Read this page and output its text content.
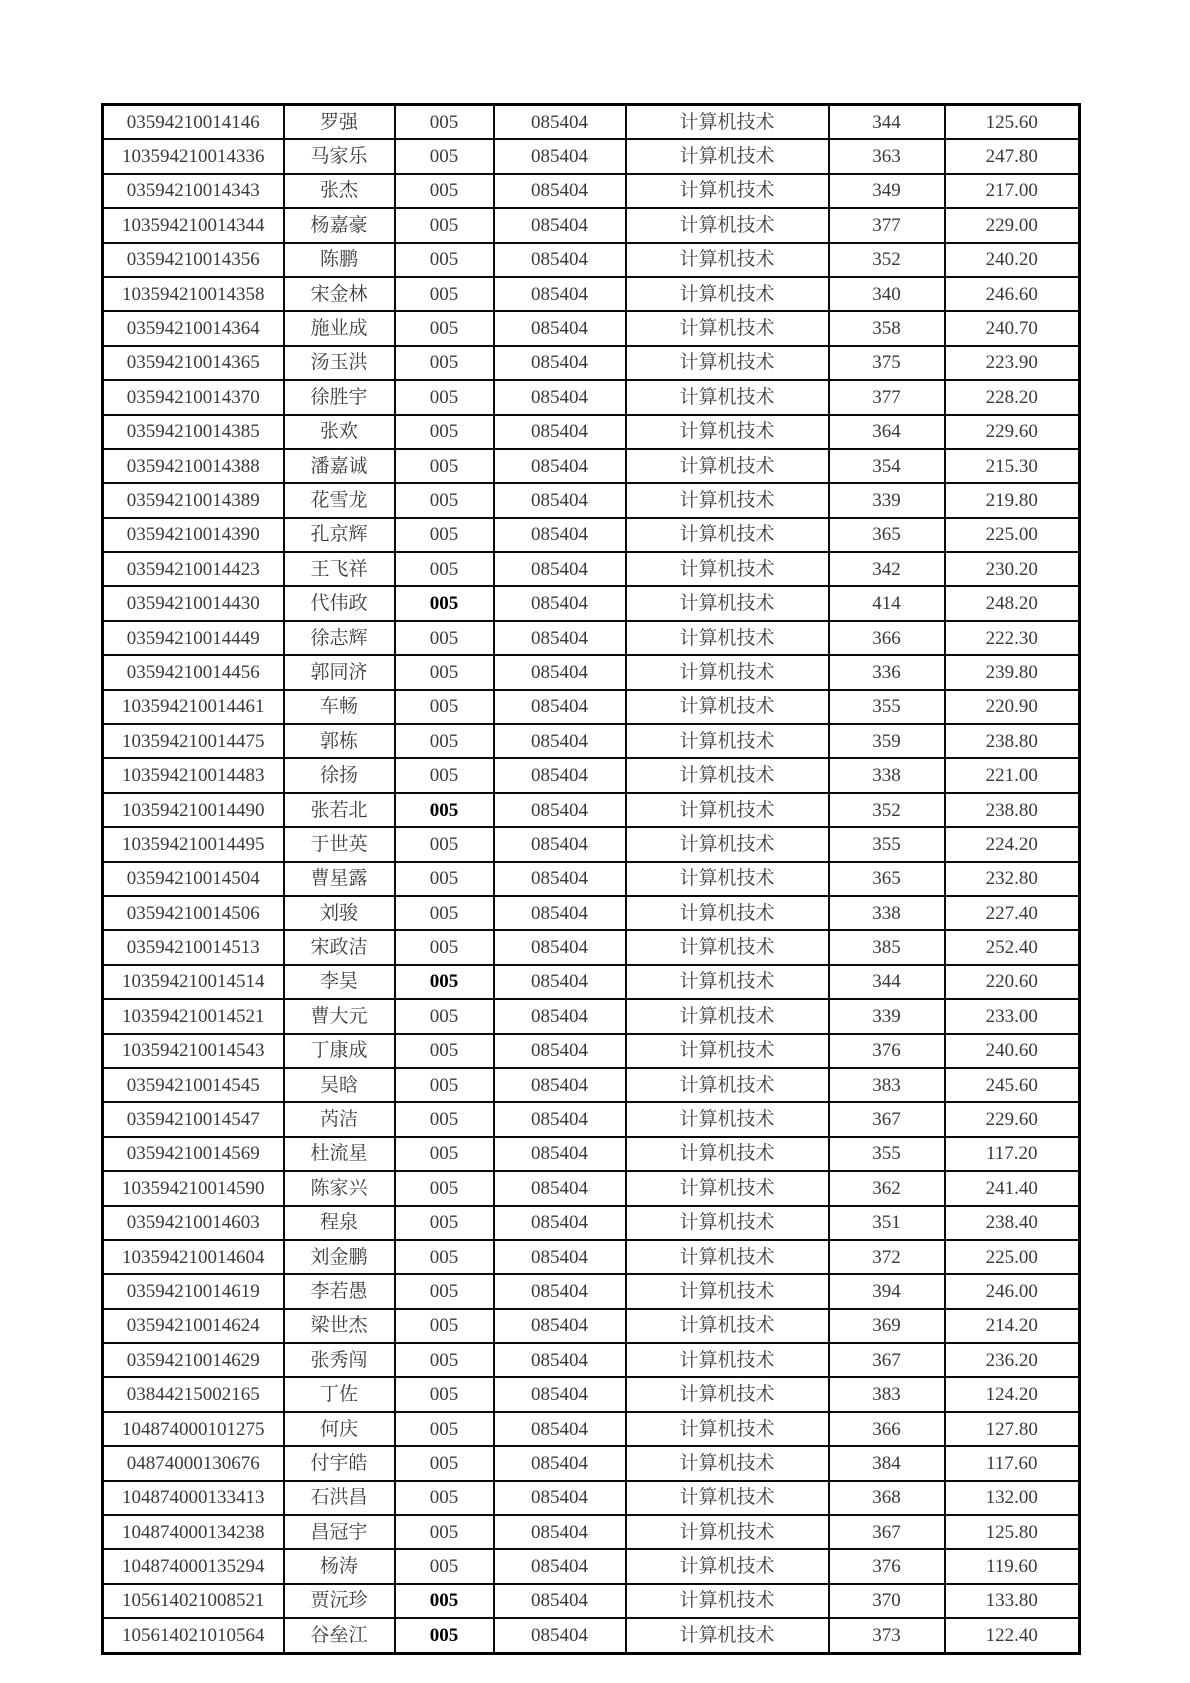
03594210014146	罗强	005	085404	计算机技术	344	125.60
103594210014336	马家乐	005	085404	计算机技术	363	247.80
03594210014343	张杰	005	085404	计算机技术	349	217.00
103594210014344	杨嘉豪	005	085404	计算机技术	377	229.00
03594210014356	陈鹏	005	085404	计算机技术	352	240.20
103594210014358	宋金林	005	085404	计算机技术	340	246.60
03594210014364	施业成	005	085404	计算机技术	358	240.70
03594210014365	汤玉洪	005	085404	计算机技术	375	223.90
03594210014370	徐胜宇	005	085404	计算机技术	377	228.20
03594210014385	张欢	005	085404	计算机技术	364	229.60
03594210014388	潘嘉诚	005	085404	计算机技术	354	215.30
03594210014389	花雪龙	005	085404	计算机技术	339	219.80
03594210014390	孔京辉	005	085404	计算机技术	365	225.00
03594210014423	王飞祥	005	085404	计算机技术	342	230.20
03594210014430	代伟政	005	085404	计算机技术	414	248.20
03594210014449	徐志辉	005	085404	计算机技术	366	222.30
03594210014456	郭同济	005	085404	计算机技术	336	239.80
103594210014461	车畅	005	085404	计算机技术	355	220.90
103594210014475	郭栋	005	085404	计算机技术	359	238.80
103594210014483	徐扬	005	085404	计算机技术	338	221.00
103594210014490	张若北	005	085404	计算机技术	352	238.80
103594210014495	于世英	005	085404	计算机技术	355	224.20
03594210014504	曹星露	005	085404	计算机技术	365	232.80
03594210014506	刘骏	005	085404	计算机技术	338	227.40
03594210014513	宋政洁	005	085404	计算机技术	385	252.40
103594210014514	李昊	005	085404	计算机技术	344	220.60
103594210014521	曹大元	005	085404	计算机技术	339	233.00
103594210014543	丁康成	005	085404	计算机技术	376	240.60
03594210014545	吴晗	005	085404	计算机技术	383	245.60
03594210014547	芮洁	005	085404	计算机技术	367	229.60
03594210014569	杜流星	005	085404	计算机技术	355	117.20
103594210014590	陈家兴	005	085404	计算机技术	362	241.40
03594210014603	程泉	005	085404	计算机技术	351	238.40
103594210014604	刘金鹏	005	085404	计算机技术	372	225.00
03594210014619	李若愚	005	085404	计算机技术	394	246.00
03594210014624	梁世杰	005	085404	计算机技术	369	214.20
03594210014629	张秀闯	005	085404	计算机技术	367	236.20
03844215002165	丁佐	005	085404	计算机技术	383	124.20
104874000101275	何庆	005	085404	计算机技术	366	127.80
04874000130676	付宇皓	005	085404	计算机技术	384	117.60
104874000133413	石洪昌	005	085404	计算机技术	368	132.00
104874000134238	昌冠宇	005	085404	计算机技术	367	125.80
104874000135294	杨涛	005	085404	计算机技术	376	119.60
105614021008521	贾沅珍	005	085404	计算机技术	370	133.80
105614021010564	谷垒江	005	085404	计算机技术	373	122.40
